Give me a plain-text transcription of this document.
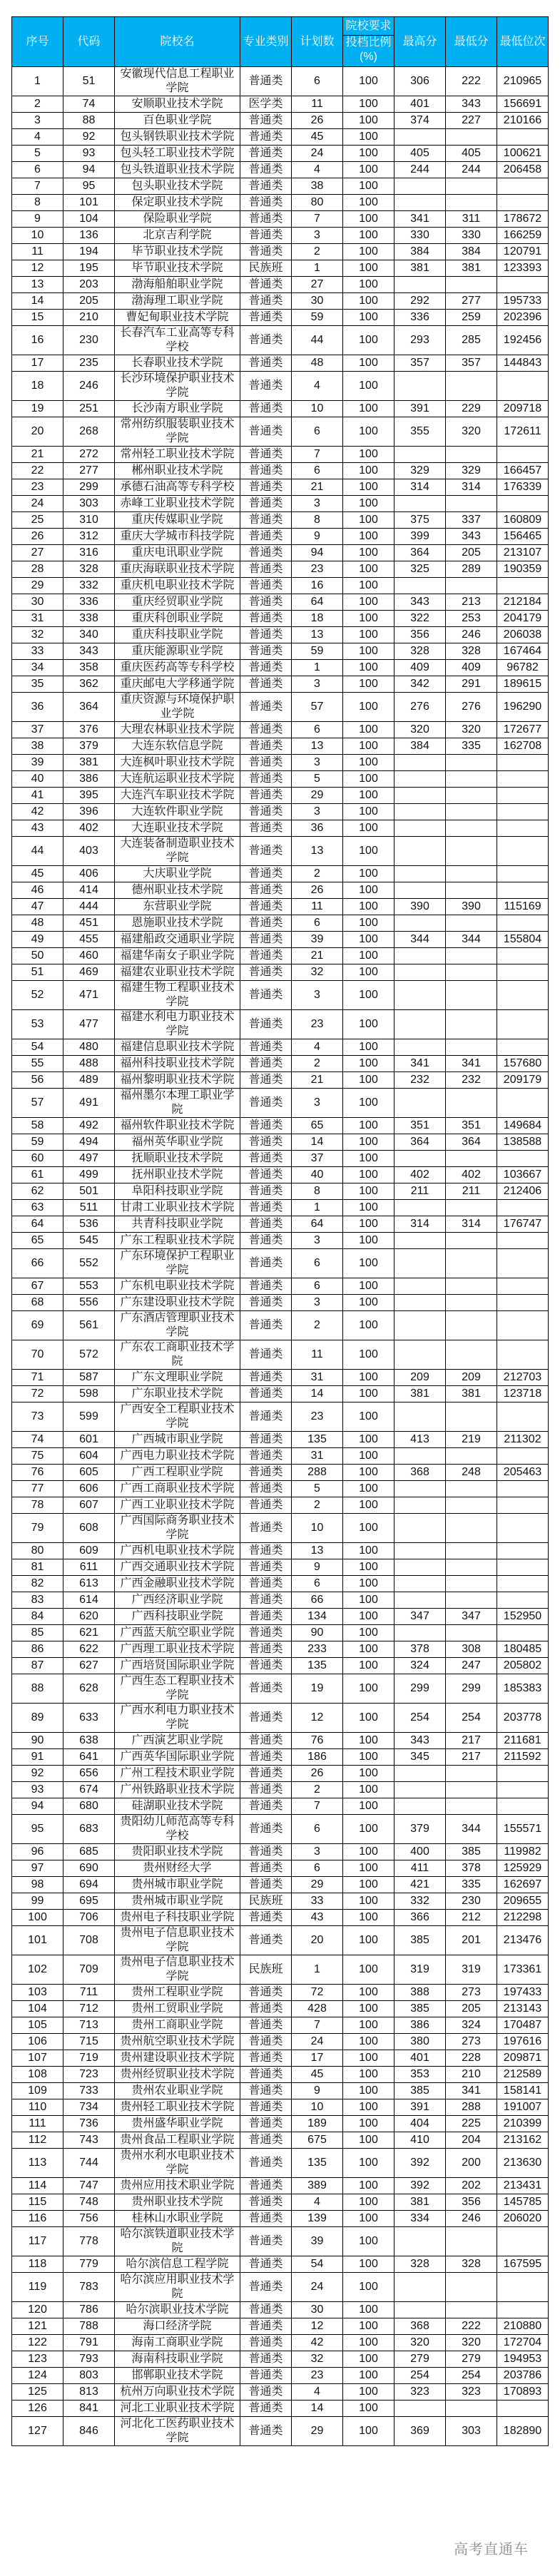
序号	代码	院校名	专业类别	计划数	院校要求
投档比例
(%)	最高分	最低分	最低位次
1	51	安徽现代信息工程职业学院	普通类	6	100	306	222	210965
2	74	安顺职业技术学院	医学类	11	100	401	343	156691
3	88	百色职业学院	普通类	26	100	374	227	210166
4	92	包头钢铁职业技术学院	普通类	45	100			
5	93	包头轻工职业技术学院	普通类	24	100	405	405	100621
6	94	包头铁道职业技术学院	普通类	4	100	244	244	206458
7	95	包头职业技术学院	普通类	38	100			
8	101	保定职业技术学院	普通类	80	100			
9	104	保险职业学院	普通类	7	100	341	311	178672
10	136	北京吉利学院	普通类	3	100	330	330	166259
11	194	毕节职业技术学院	普通类	2	100	384	384	120791
12	195	毕节职业技术学院	民族班	1	100	381	381	123393
13	203	渤海船舶职业学院	普通类	27	100			
14	205	渤海理工职业学院	普通类	30	100	292	277	195733
15	210	曹妃甸职业技术学院	普通类	59	100	336	259	202396
16	230	长春汽车工业高等专科学校	普通类	44	100	293	285	192456
17	235	长春职业技术学院	普通类	48	100	357	357	144843
18	246	长沙环境保护职业技术学院	普通类	4	100			
19	251	长沙南方职业学院	普通类	10	100	391	229	209718
20	268	常州纺织服装职业技术学院	普通类	6	100	355	320	172611
21	272	常州轻工职业技术学院	普通类	7	100			
22	277	郴州职业技术学院	普通类	6	100	329	329	166457
23	299	承德石油高等专科学校	普通类	21	100	314	314	176339
24	303	赤峰工业职业技术学院	普通类	3	100			
25	310	重庆传媒职业学院	普通类	8	100	375	337	160809
26	312	重庆大学城市科技学院	普通类	9	100	399	343	156465
27	316	重庆电讯职业学院	普通类	94	100	364	205	213107
28	328	重庆海联职业技术学院	普通类	23	100	325	289	190359
29	332	重庆机电职业技术学院	普通类	16	100			
30	336	重庆经贸职业学院	普通类	64	100	343	213	212184
31	338	重庆科创职业学院	普通类	18	100	322	253	204179
32	340	重庆科技职业学院	普通类	13	100	356	246	206038
33	343	重庆能源职业学院	普通类	59	100	328	328	167464
34	358	重庆医药高等专科学校	普通类	1	100	409	409	96782
35	362	重庆邮电大学移通学院	普通类	3	100	342	291	189615
36	364	重庆资源与环境保护职业学院	普通类	57	100	276	276	196290
37	376	大理农林职业技术学院	普通类	6	100	320	320	172677
38	379	大连东软信息学院	普通类	13	100	384	335	162708
39	381	大连枫叶职业技术学院	普通类	3	100			
40	386	大连航运职业技术学院	普通类	5	100			
41	395	大连汽车职业技术学院	普通类	29	100			
42	396	大连软件职业学院	普通类	3	100			
43	402	大连职业技术学院	普通类	36	100			
44	403	大连装备制造职业技术学院	普通类	13	100			
45	406	大庆职业学院	普通类	2	100			
46	414	德州职业技术学院	普通类	26	100			
47	444	东营职业学院	普通类	11	100	390	390	115169
48	451	恩施职业技术学院	普通类	6	100			
49	455	福建船政交通职业学院	普通类	39	100	344	344	155804
50	460	福建华南女子职业学院	普通类	21	100			
51	469	福建农业职业技术学院	普通类	32	100			
52	471	福建生物工程职业技术学院	普通类	3	100			
53	477	福建水利电力职业技术学院	普通类	23	100			
54	480	福建信息职业技术学院	普通类	4	100			
55	488	福州科技职业技术学院	普通类	2	100	341	341	157680
56	489	福州黎明职业技术学院	普通类	21	100	232	232	209179
57	491	福州墨尔本理工职业学院	普通类	3	100			
58	492	福州软件职业技术学院	普通类	65	100	351	351	149684
59	494	福州英华职业学院	普通类	14	100	364	364	138588
60	497	抚顺职业技术学院	普通类	37	100			
61	499	抚州职业技术学院	普通类	40	100	402	402	103667
62	501	阜阳科技职业学院	普通类	8	100	211	211	212406
63	511	甘肃工业职业技术学院	普通类	1	100			
64	536	共青科技职业学院	普通类	64	100	314	314	176747
65	545	广东工程职业技术学院	普通类	3	100			
66	552	广东环境保护工程职业学院	普通类	6	100			
67	553	广东机电职业技术学院	普通类	6	100			
68	556	广东建设职业技术学院	普通类	3	100			
69	561	广东酒店管理职业技术学院	普通类	2	100			
70	572	广东农工商职业技术学院	普通类	11	100			
71	587	广东文理职业学院	普通类	31	100	209	209	212703
72	598	广东职业技术学院	普通类	14	100	381	381	123718
73	599	广西安全工程职业技术学院	普通类	23	100			
74	601	广西城市职业学院	普通类	135	100	413	219	211302
75	604	广西电力职业技术学院	普通类	31	100			
76	605	广西工程职业学院	普通类	288	100	368	248	205463
77	606	广西工商职业技术学院	普通类	5	100			
78	607	广西工业职业技术学院	普通类	2	100			
79	608	广西国际商务职业技术学院	普通类	10	100			
80	609	广西机电职业技术学院	普通类	13	100			
81	611	广西交通职业技术学院	普通类	9	100			
82	613	广西金融职业技术学院	普通类	6	100			
83	614	广西经济职业学院	普通类	66	100			
84	620	广西科技职业学院	普通类	134	100	347	347	152950
85	621	广西蓝天航空职业学院	普通类	90	100			
86	622	广西理工职业技术学院	普通类	233	100	378	308	180485
87	627	广西培贤国际职业学院	普通类	135	100	324	247	205802
88	628	广西生态工程职业技术学院	普通类	19	100	299	299	185383
89	633	广西水利电力职业技术学院	普通类	12	100	254	254	203778
90	638	广西演艺职业学院	普通类	76	100	343	217	211681
91	641	广西英华国际职业学院	普通类	186	100	345	217	211592
92	656	广州工程技术职业学院	普通类	26	100			
93	674	广州铁路职业技术学院	普通类	2	100			
94	680	硅湖职业技术学院	普通类	7	100			
95	683	贵阳幼儿师范高等专科学校	普通类	6	100	379	344	155571
96	685	贵阳职业技术学院	普通类	3	100	400	385	119982
97	690	贵州财经大学	普通类	6	100	411	378	125929
98	694	贵州城市职业学院	普通类	29	100	421	335	162697
99	695	贵州城市职业学院	民族班	33	100	332	230	209655
100	706	贵州电子科技职业学院	普通类	43	100	366	212	212298
101	708	贵州电子信息职业技术学院	普通类	20	100	385	201	213476
102	709	贵州电子信息职业技术学院	民族班	1	100	319	319	173361
103	711	贵州工程职业学院	普通类	72	100	388	273	197433
104	712	贵州工贸职业学院	普通类	428	100	385	205	213143
105	713	贵州工商职业学院	普通类	7	100	386	324	170487
106	715	贵州航空职业技术学院	普通类	24	100	380	273	197616
107	719	贵州建设职业技术学院	普通类	17	100	401	228	209871
108	723	贵州经贸职业技术学院	普通类	45	100	353	210	212589
109	733	贵州农业职业学院	普通类	9	100	385	341	158141
110	734	贵州轻工职业技术学院	普通类	10	100	391	288	191007
111	736	贵州盛华职业学院	普通类	189	100	404	225	210399
112	743	贵州食品工程职业学院	普通类	675	100	410	204	213162
113	744	贵州水利水电职业技术学院	普通类	135	100	392	200	213630
114	747	贵州应用技术职业学院	普通类	389	100	392	202	213431
115	748	贵州职业技术学院	普通类	4	100	381	356	145785
116	756	桂林山水职业学院	普通类	139	100	334	246	206020
117	778	哈尔滨铁道职业技术学院	普通类	39	100			
118	779	哈尔滨信息工程学院	普通类	54	100	328	328	167595
119	783	哈尔滨应用职业技术学院	普通类	24	100			
120	786	哈尔滨职业技术学院	普通类	30	100			
121	788	海口经济学院	普通类	12	100	368	222	210880
122	791	海南工商职业学院	普通类	42	100	320	320	172704
123	793	海南科技职业学院	普通类	32	100	279	279	194953
124	803	邯郸职业技术学院	普通类	23	100	254	254	203786
125	813	杭州万向职业技术学院	普通类	4	100	323	323	170893
126	841	河北工业职业技术学院	普通类	14	100			
127	846	河北化工医药职业技术学院	普通类	29	100	369	303	182890
高考直通车
